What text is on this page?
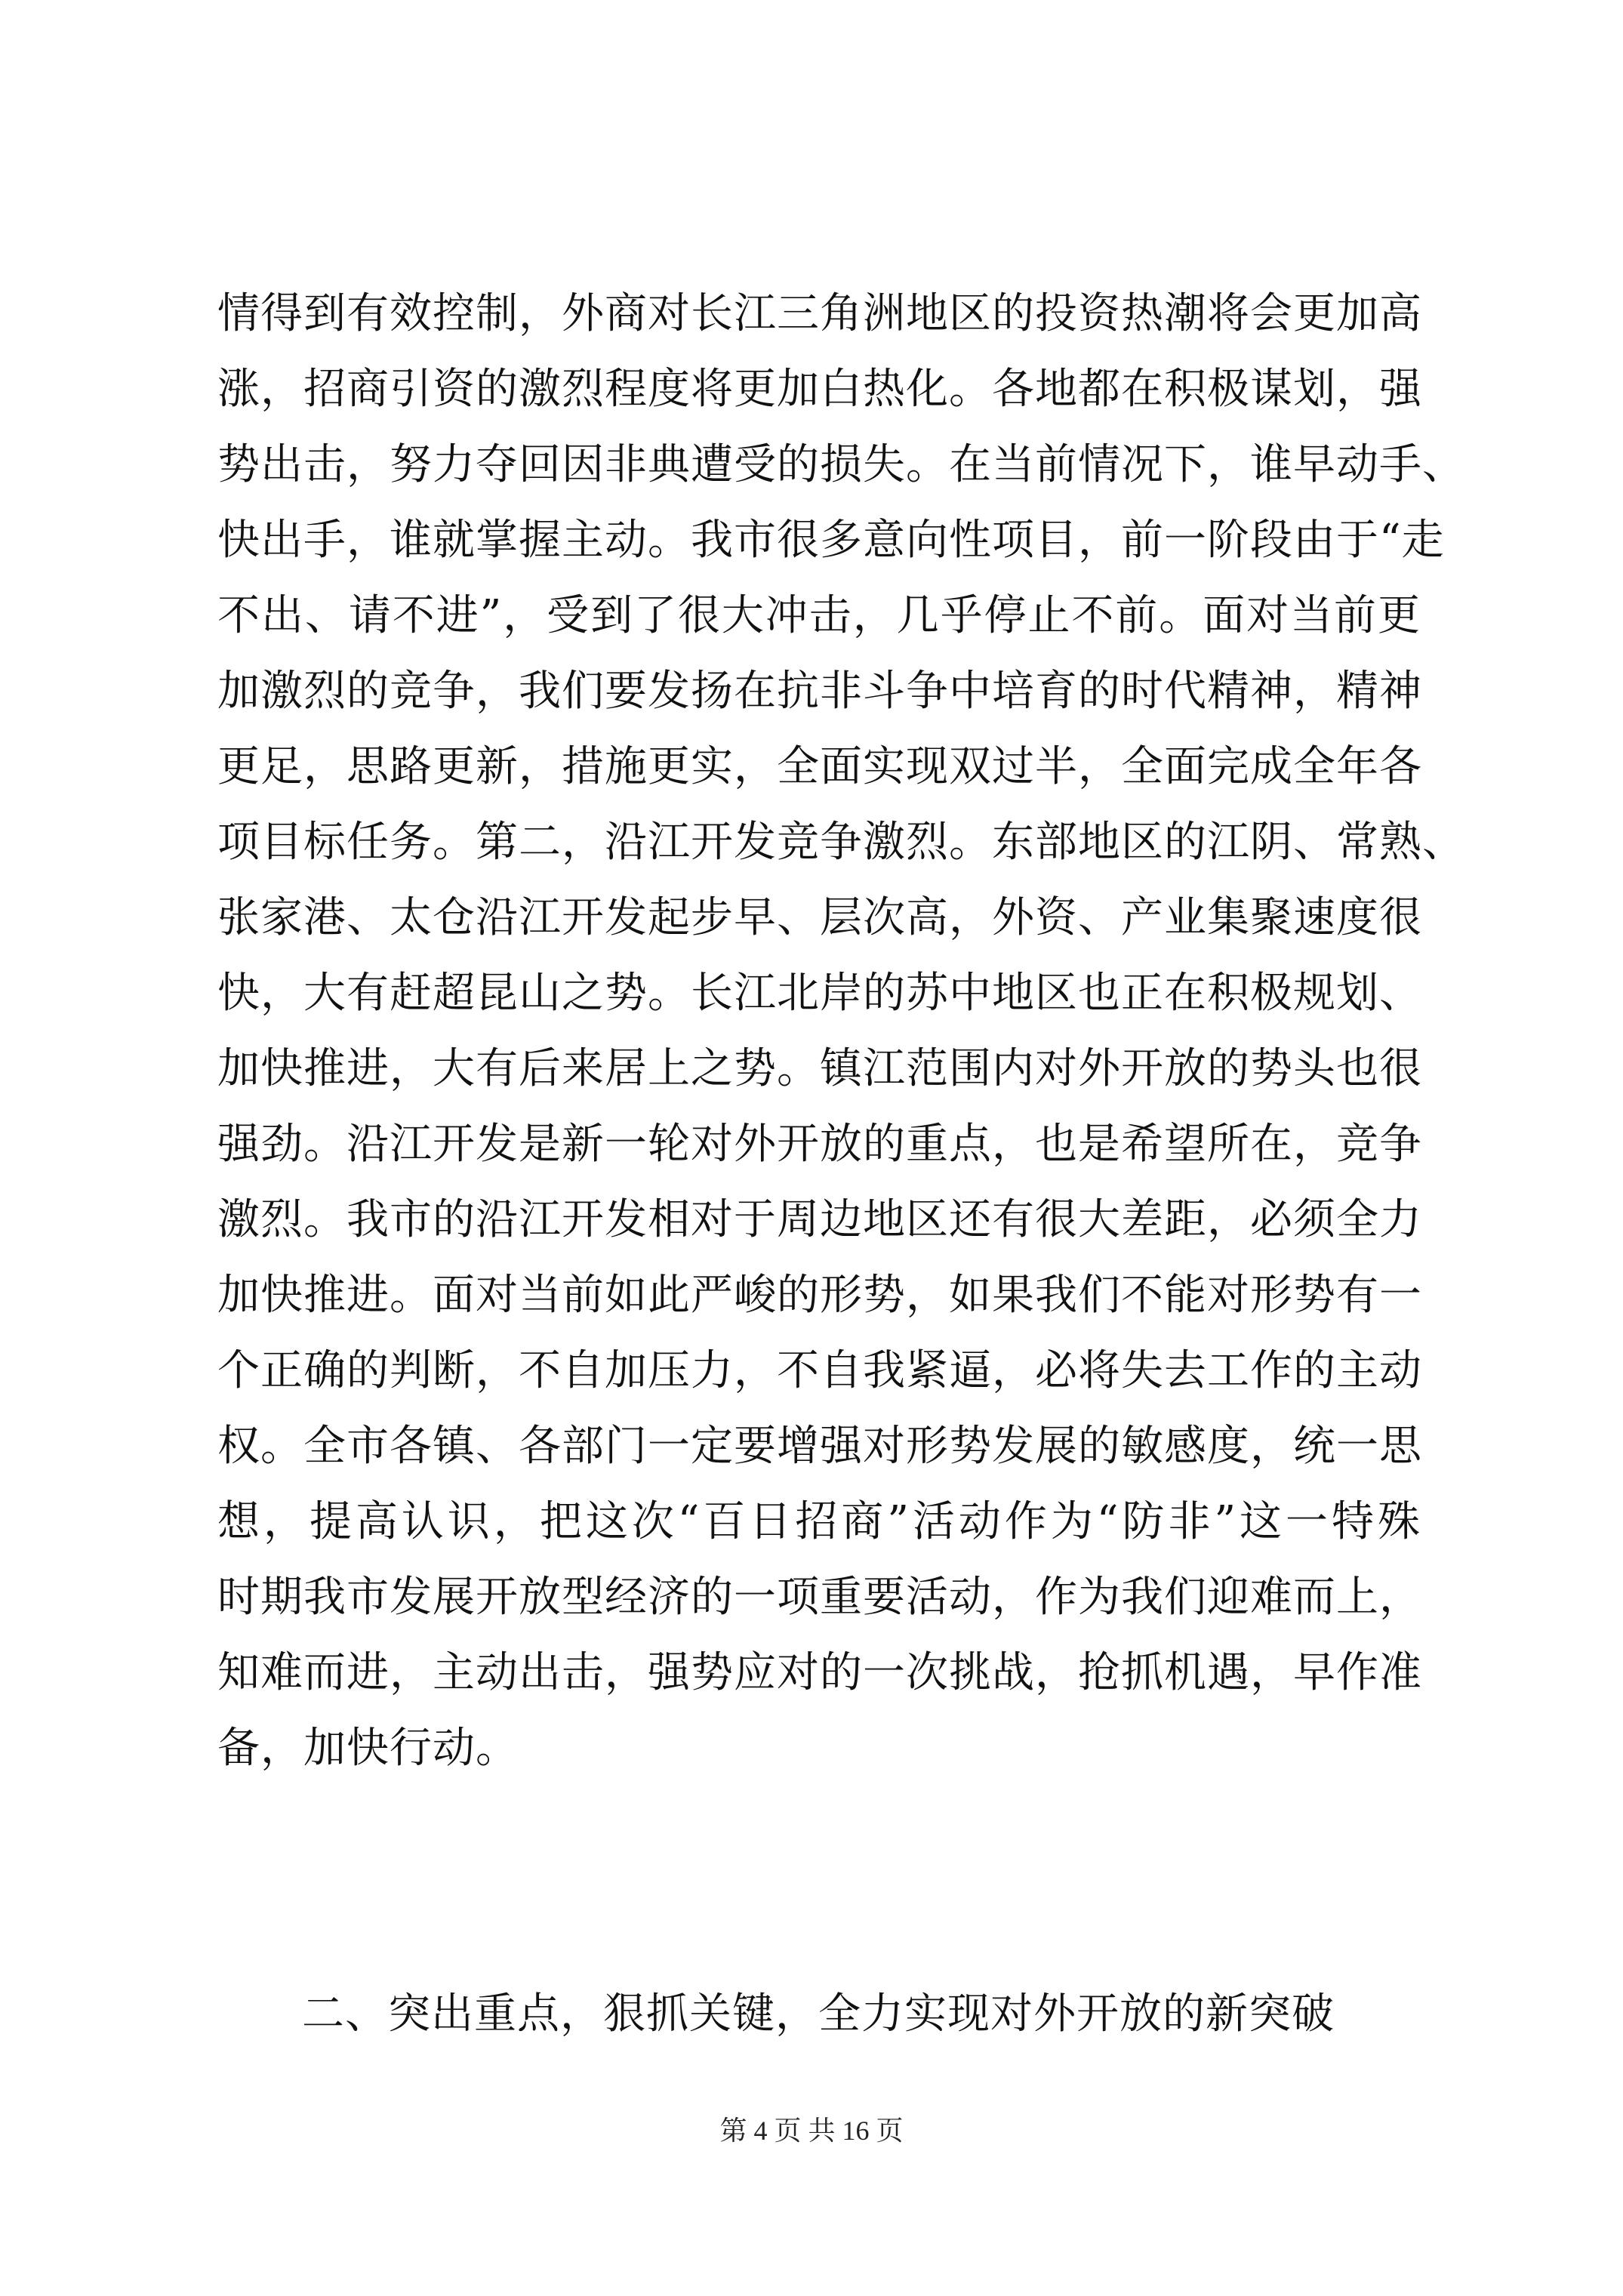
情得到有效控制，外商对长江三角洲地区的投资热潮将会更加高
涨，招商引资的激烈程度将更加白热化。各地都在积极谋划，强
势出击，努力夺回因非典遭受的损失。在当前情况下，谁早动手、
快出手，谁就掌握主动。我市很多意向性项目，前一阶段由于“走
不出、请不进”，受到了很大冲击，几乎停止不前。面对当前更
加激烈的竞争，我们要发扬在抗非斗争中培育的时代精神，精神
更足，思路更新，措施更实，全面实现双过半，全面完成全年各
项目标任务。第二，沿江开发竞争激烈。东部地区的江阴、常熟、
张家港、太仓沿江开发起步早、层次高，外资、产业集聚速度很
快，大有赶超昆山之势。长江北岸的苏中地区也正在积极规划、
加快推进，大有后来居上之势。镇江范围内对外开放的势头也很
强劲。沿江开发是新一轮对外开放的重点，也是希望所在，竞争
激烈。我市的沿江开发相对于周边地区还有很大差距，必须全力
加快推进。面对当前如此严峻的形势，如果我们不能对形势有一
个正确的判断，不自加压力，不自我紧逼，必将失去工作的主动
权。全市各镇、各部门一定要增强对形势发展的敏感度，统一思
想，提高认识，把这次“百日招商”活动作为“防非”这一特殊
时期我市发展开放型经济的一项重要活动，作为我们迎难而上，
知难而进，主动出击，强势应对的一次挑战，抢抓机遇，早作准
备，加快行动。
二、突出重点，狠抓关键，全力实现对外开放的新突破
第 4 页 共 16 页
